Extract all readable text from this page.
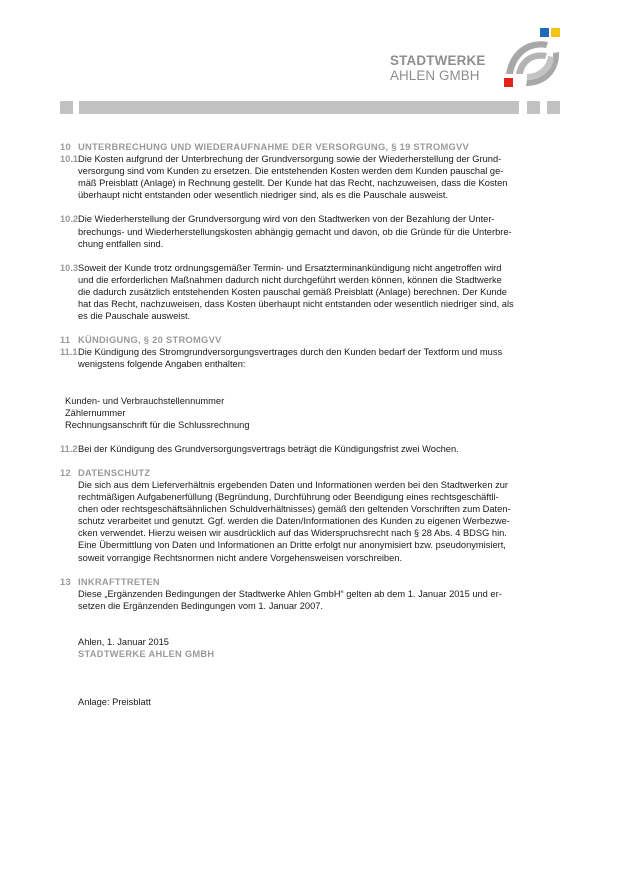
STADTWERKE
AHLEN GMBH
10 UNTERBRECHUNG UND WIEDERAUFNAHME DER VERSORGUNG, § 19 STROMGVV
10.1 Die Kosten aufgrund der Unterbrechung der Grundversorgung sowie der Wiederherstellung der Grund-
versorgung sind vom Kunden zu ersetzen. Die entstehenden Kosten werden dem Kunden pauschal ge-
mäß Preisblatt (Anlage) in Rechnung gestellt. Der Kunde hat das Recht, nachzuweisen, dass die Kosten
überhaupt nicht entstanden oder wesentlich niedriger sind, als es die Pauschale ausweist.
10.2 Die Wiederherstellung der Grundversorgung wird von den Stadtwerken von der Bezahlung der Unter-
brechungs- und Wiederherstellungskosten abhängig gemacht und davon, ob die Gründe für die Unterbre-
chung entfallen sind.
10.3 Soweit der Kunde trotz ordnungsgemäßer Termin- und Ersatzterminankündigung nicht angetroffen wird
und die erforderlichen Maßnahmen dadurch nicht durchgeführt werden können, können die Stadtwerke
die dadurch zusätzlich entstehenden Kosten pauschal gemäß Preisblatt (Anlage) berechnen. Der Kunde
hat das Recht, nachzuweisen, dass Kosten überhaupt nicht entstanden oder wesentlich niedriger sind, als
es die Pauschale ausweist.
11 KÜNDIGUNG, § 20 STROMGVV
11.1 Die Kündigung des Stromgrundversorgungsvertrages durch den Kunden bedarf der Textform und muss
wenigstens folgende Angaben enthalten:
Kunden- und Verbrauchstellennummer
Zählernummer
Rechnungsanschrift für die Schlussrechnung
11.2 Bei der Kündigung des Grundversorgungsvertrags beträgt die Kündigungsfrist zwei Wochen.
12 DATENSCHUTZ
Die sich aus dem Lieferverhältnis ergebenden Daten und Informationen werden bei den Stadtwerken zur
rechtmäßigen Aufgabenerfüllung (Begründung, Durchführung oder Beendigung eines rechtsgeschäftli-
chen oder rechtsgeschäftsähnlichen Schuldverhältnisses) gemäß den geltenden Vorschriften zum Daten-
schutz verarbeitet und genutzt. Ggf. werden die Daten/Informationen des Kunden zu eigenen Werbezwe-
cken verwendet. Hierzu weisen wir ausdrücklich auf das Widerspruchsrecht nach § 28 Abs. 4 BDSG hin.
Eine Übermittlung von Daten und Informationen an Dritte erfolgt nur anonymisiert bzw. pseudonymisiert,
soweit vorrangige Rechtsnormen nicht andere Vorgehensweisen vorschreiben.
13 INKRAFTTRETEN
Diese „Ergänzenden Bedingungen der Stadtwerke Ahlen GmbH“ gelten ab dem 1. Januar 2015 und er-
setzen die Ergänzenden Bedingungen vom 1. Januar 2007.
Ahlen, 1. Januar 2015
STADTWERKE AHLEN GMBH
Anlage: Preisblatt
